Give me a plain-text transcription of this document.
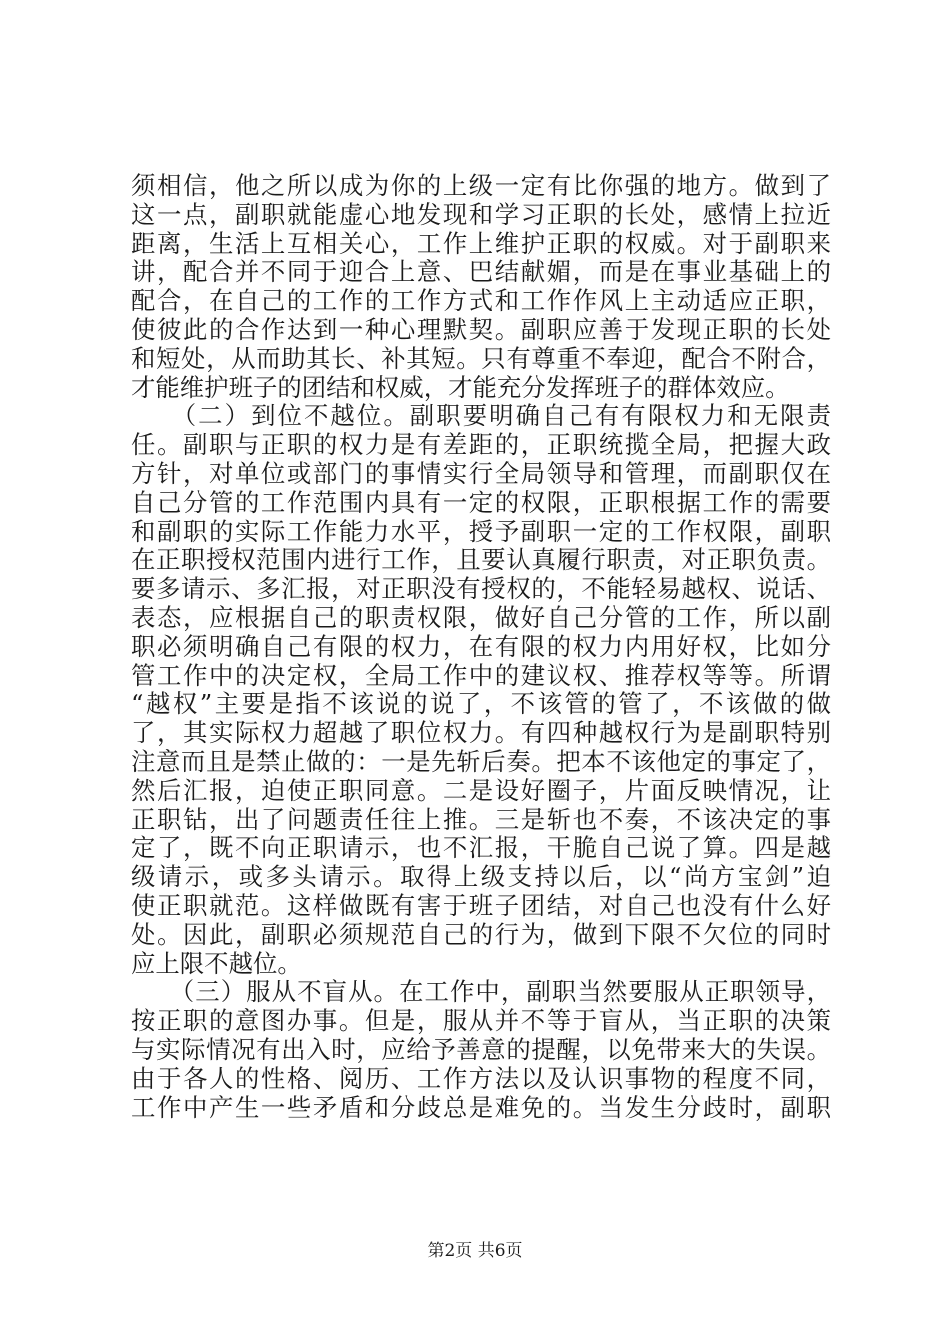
须相信，他之所以成为你的上级一定有比你强的地方。做到了
这一点，副职就能虚心地发现和学习正职的长处，感情上拉近
距离，生活上互相关心，工作上维护正职的权威。对于副职来
讲，配合并不同于迎合上意、巴结献媚，而是在事业基础上的
配合，在自己的工作的工作方式和工作作风上主动适应正职，
使彼此的合作达到一种心理默契。副职应善于发现正职的长处
和短处，从而助其长、补其短。只有尊重不奉迎，配合不附合，
才能维护班子的团结和权威，才能充分发挥班子的群体效应。
　　（二）到位不越位。副职要明确自己有有限权力和无限责
任。副职与正职的权力是有差距的，正职统揽全局，把握大政
方针，对单位或部门的事情实行全局领导和管理，而副职仅在
自己分管的工作范围内具有一定的权限，正职根据工作的需要
和副职的实际工作能力水平，授予副职一定的工作权限，副职
在正职授权范围内进行工作，且要认真履行职责，对正职负责。
要多请示、多汇报，对正职没有授权的，不能轻易越权、说话、
表态，应根据自己的职责权限，做好自己分管的工作，所以副
职必须明确自己有限的权力，在有限的权力内用好权，比如分
管工作中的决定权，全局工作中的建议权、推荐权等等。所谓
“越权”主要是指不该说的说了，不该管的管了，不该做的做
了，其实际权力超越了职位权力。有四种越权行为是副职特别
注意而且是禁止做的：一是先斩后奏。把本不该他定的事定了，
然后汇报，迫使正职同意。二是设好圈子，片面反映情况，让
正职钻，出了问题责任往上推。三是斩也不奏，不该决定的事
定了，既不向正职请示，也不汇报，干脆自己说了算。四是越
级请示，或多头请示。取得上级支持以后，以“尚方宝剑”迫
使正职就范。这样做既有害于班子团结，对自己也没有什么好
处。因此，副职必须规范自己的行为，做到下限不欠位的同时
应上限不越位。
　　（三）服从不盲从。在工作中，副职当然要服从正职领导，
按正职的意图办事。但是，服从并不等于盲从，当正职的决策
与实际情况有出入时，应给予善意的提醒，以免带来大的失误。
由于各人的性格、阅历、工作方法以及认识事物的程度不同，
工作中产生一些矛盾和分歧总是难免的。当发生分歧时，副职
第2页 共6页
